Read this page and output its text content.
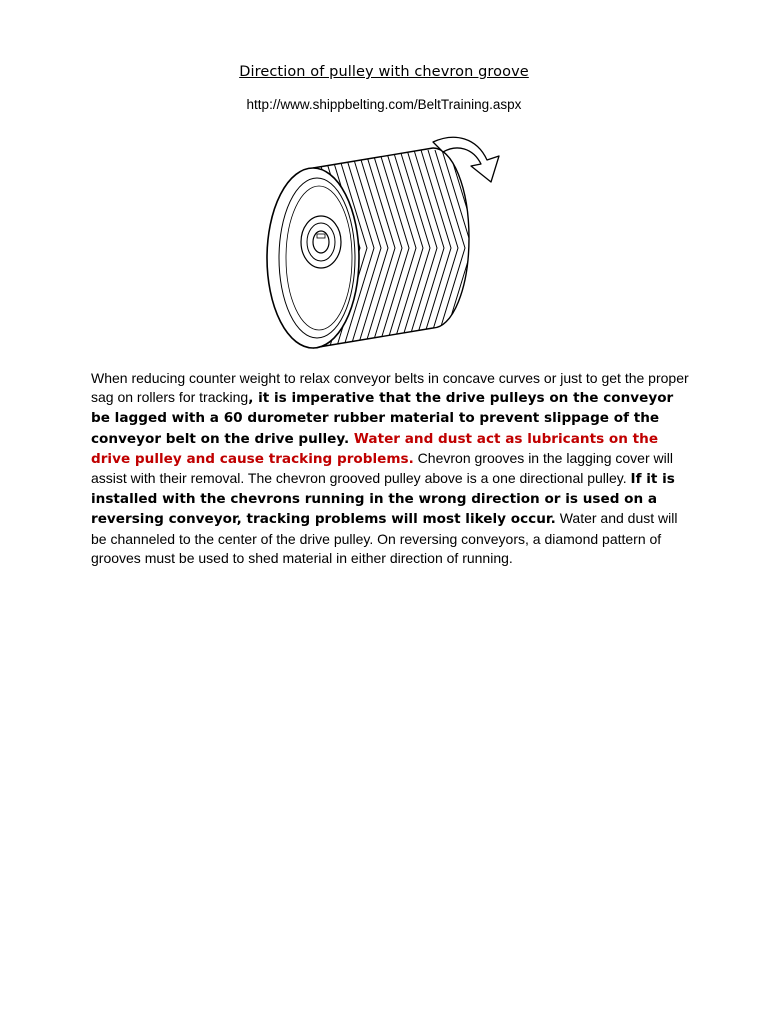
Direction of pulley with chevron groove
http://www.shippbelting.com/BeltTraining.aspx
When reducing counter weight to relax conveyor belts in concave curves or just to get the proper sag on rollers for tracking, it is imperative that the drive pulleys on the conveyor be lagged with a 60 durometer rubber material to prevent slippage of the conveyor belt on the drive pulley. Water and dust act as lubricants on the drive pulley and cause tracking problems. Chevron grooves in the lagging cover will assist with their removal. The chevron grooved pulley above is a one directional pulley. If it is installed with the chevrons running in the wrong direction or is used on a reversing conveyor, tracking problems will most likely occur. Water and dust will be channeled to the center of the drive pulley. On reversing conveyors, a diamond pattern of grooves must be used to shed material in either direction of running.
